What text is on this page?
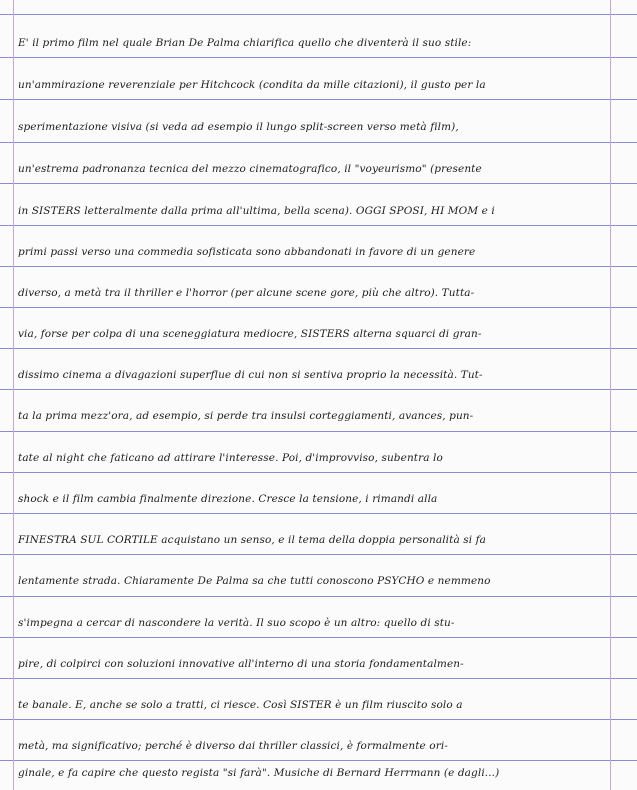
E' il primo film nel quale Brian De Palma chiarifica quello che diventerà il suo stile:
un'ammirazione reverenziale per Hitchcock (condita da mille citazioni), il gusto per la
sperimentazione visiva (si veda ad esempio il lungo split-screen verso metà film),
un'estrema padronanza tecnica del mezzo cinematografico, il "voyeurismo" (presente
in SISTERS letteralmente dalla prima all'ultima, bella scena). OGGI SPOSI, HI MOM e i
primi passi verso una commedia sofisticata sono abbandonati in favore di un genere
diverso, a metà tra il thriller e l'horror (per alcune scene gore, più che altro). Tutta-
via, forse per colpa di una sceneggiatura mediocre, SISTERS alterna squarci di gran-
dissimo cinema a divagazioni superflue di cui non si sentiva proprio la necessità. Tut-
ta la prima mezz'ora, ad esempio, si perde tra insulsi corteggiamenti, avances, pun-
tate al night che faticano ad attirare l'interesse. Poi, d'improvviso, subentra lo
shock e il film cambia finalmente direzione. Cresce la tensione, i rimandi alla
FINESTRA SUL CORTILE acquistano un senso, e il tema della doppia personalità si fa
lentamente strada. Chiaramente De Palma sa che tutti conoscono PSYCHO e nemmeno
s'impegna a cercar di nascondere la verità. Il suo scopo è un altro: quello di stu-
pire, di colpirci con soluzioni innovative all'interno di una storia fondamentalmen-
te banale. E, anche se solo a tratti, ci riesce. Così SISTER è un film riuscito solo a
metà, ma significativo; perché è diverso dai thriller classici, è formalmente ori-
ginale, e fa capire che questo regista "si farà". Musiche di Bernard Herrmann (e dagli...)
